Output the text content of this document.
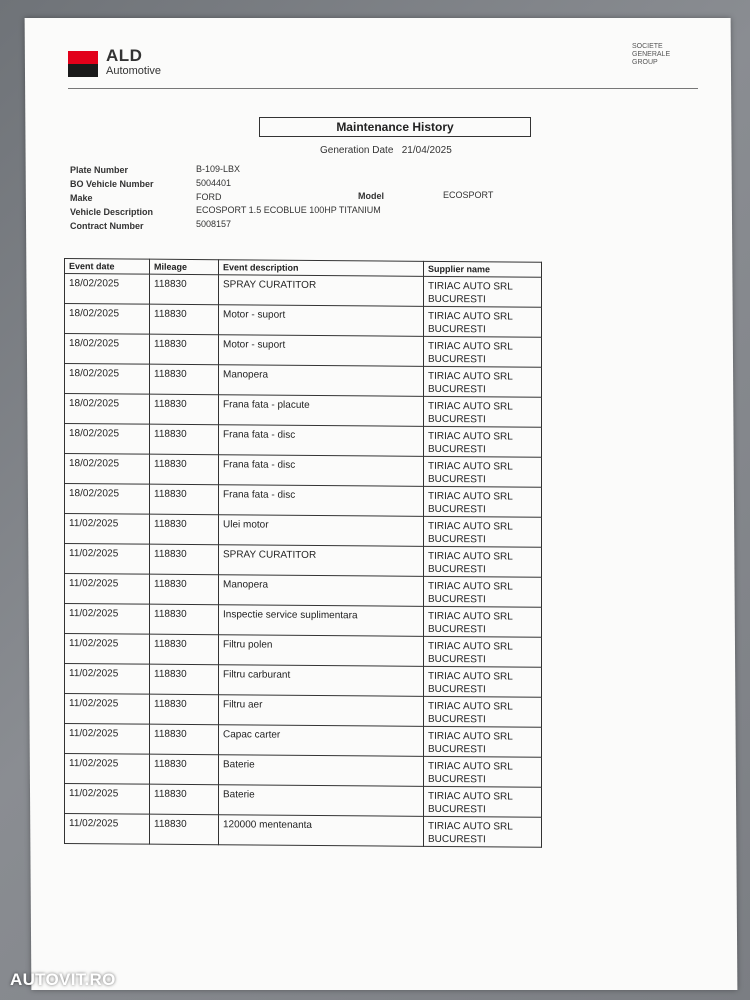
ALD
Automotive
SOCIETE
GENERALE
GROUP
Maintenance History
Generation Date 21/04/2025
Plate Number	B-109-LBX
BO Vehicle Number	5004401
Make	FORD	Model	ECOSPORT
Vehicle Description	ECOSPORT 1.5 ECOBLUE 100HP TITANIUM
Contract Number	5008157
Event date	Mileage	Event description	Supplier name
18/02/2025	118830	SPRAY CURATITOR	TIRIAC AUTO SRL
BUCURESTI

18/02/2025	118830	Motor - suport	TIRIAC AUTO SRL
BUCURESTI

18/02/2025	118830	Motor - suport	TIRIAC AUTO SRL
BUCURESTI

18/02/2025	118830	Manopera	TIRIAC AUTO SRL
BUCURESTI

18/02/2025	118830	Frana fata - placute	TIRIAC AUTO SRL
BUCURESTI

18/02/2025	118830	Frana fata - disc	TIRIAC AUTO SRL
BUCURESTI

18/02/2025	118830	Frana fata - disc	TIRIAC AUTO SRL
BUCURESTI

18/02/2025	118830	Frana fata - disc	TIRIAC AUTO SRL
BUCURESTI

11/02/2025	118830	Ulei motor	TIRIAC AUTO SRL
BUCURESTI

11/02/2025	118830	SPRAY CURATITOR	TIRIAC AUTO SRL
BUCURESTI

11/02/2025	118830	Manopera	TIRIAC AUTO SRL
BUCURESTI

11/02/2025	118830	Inspectie service suplimentara	TIRIAC AUTO SRL
BUCURESTI

11/02/2025	118830	Filtru polen	TIRIAC AUTO SRL
BUCURESTI

11/02/2025	118830	Filtru carburant	TIRIAC AUTO SRL
BUCURESTI

11/02/2025	118830	Filtru aer	TIRIAC AUTO SRL
BUCURESTI

11/02/2025	118830	Capac carter	TIRIAC AUTO SRL
BUCURESTI

11/02/2025	118830	Baterie	TIRIAC AUTO SRL
BUCURESTI

11/02/2025	118830	Baterie	TIRIAC AUTO SRL
BUCURESTI

11/02/2025	118830	120000 mentenanta	TIRIAC AUTO SRL
BUCURESTI
AUTOVIT.RO
